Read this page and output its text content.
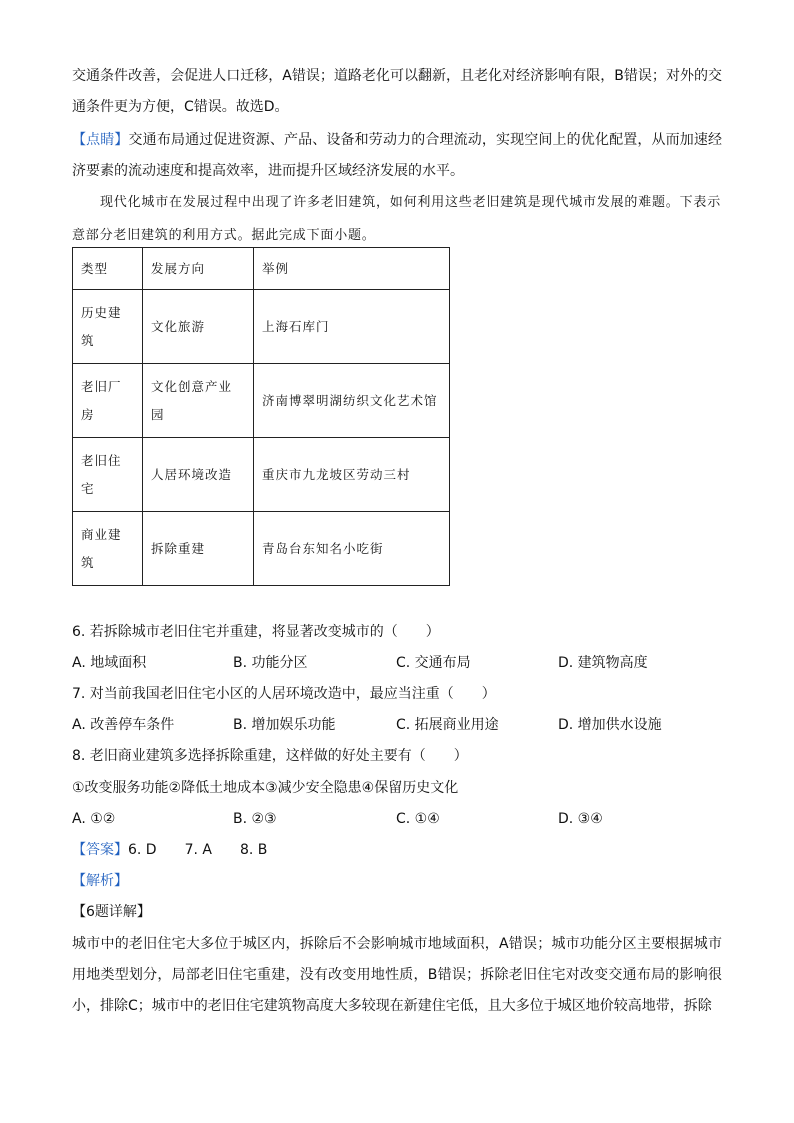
交通条件改善，会促进人口迁移，A错误；道路老化可以翻新，且老化对经济影响有限，B错误；对外的交通条件更为方便，C错误。故选D。
【点睛】交通布局通过促进资源、产品、设备和劳动力的合理流动，实现空间上的优化配置，从而加速经济要素的流动速度和提高效率，进而提升区域经济发展的水平。
现代化城市在发展过程中出现了许多老旧建筑，如何利用这些老旧建筑是现代城市发展的难题。下表示意部分老旧建筑的利用方式。据此完成下面小题。
类型	发展方向	举例
历史建筑	文化旅游	上海石库门
老旧厂房	文化创意产业园	济南博翠明湖纺织文化艺术馆
老旧住宅	人居环境改造	重庆市九龙坡区劳动三村
商业建筑	拆除重建	青岛台东知名小吃街
6. 若拆除城市老旧住宅并重建，将显著改变城市的（　　）
A. 地域面积	B. 功能分区	C. 交通布局	D. 建筑物高度
7. 对当前我国老旧住宅小区的人居环境改造中，最应当注重（　　）
A. 改善停车条件	B. 增加娱乐功能	C. 拓展商业用途	D. 增加供水设施
8. 老旧商业建筑多选择拆除重建，这样做的好处主要有（　　）
①改变服务功能②降低土地成本③减少安全隐患④保留历史文化
A. ①②	B. ②③	C. ①④	D. ③④
【答案】6. D　　7. A　　8. B
【解析】
【6题详解】
城市中的老旧住宅大多位于城区内，拆除后不会影响城市地域面积，A错误；城市功能分区主要根据城市用地类型划分，局部老旧住宅重建，没有改变用地性质，B错误；拆除老旧住宅对改变交通布局的影响很小，排除C；城市中的老旧住宅建筑物高度大多较现在新建住宅低，且大多位于城区地价较高地带，拆除
